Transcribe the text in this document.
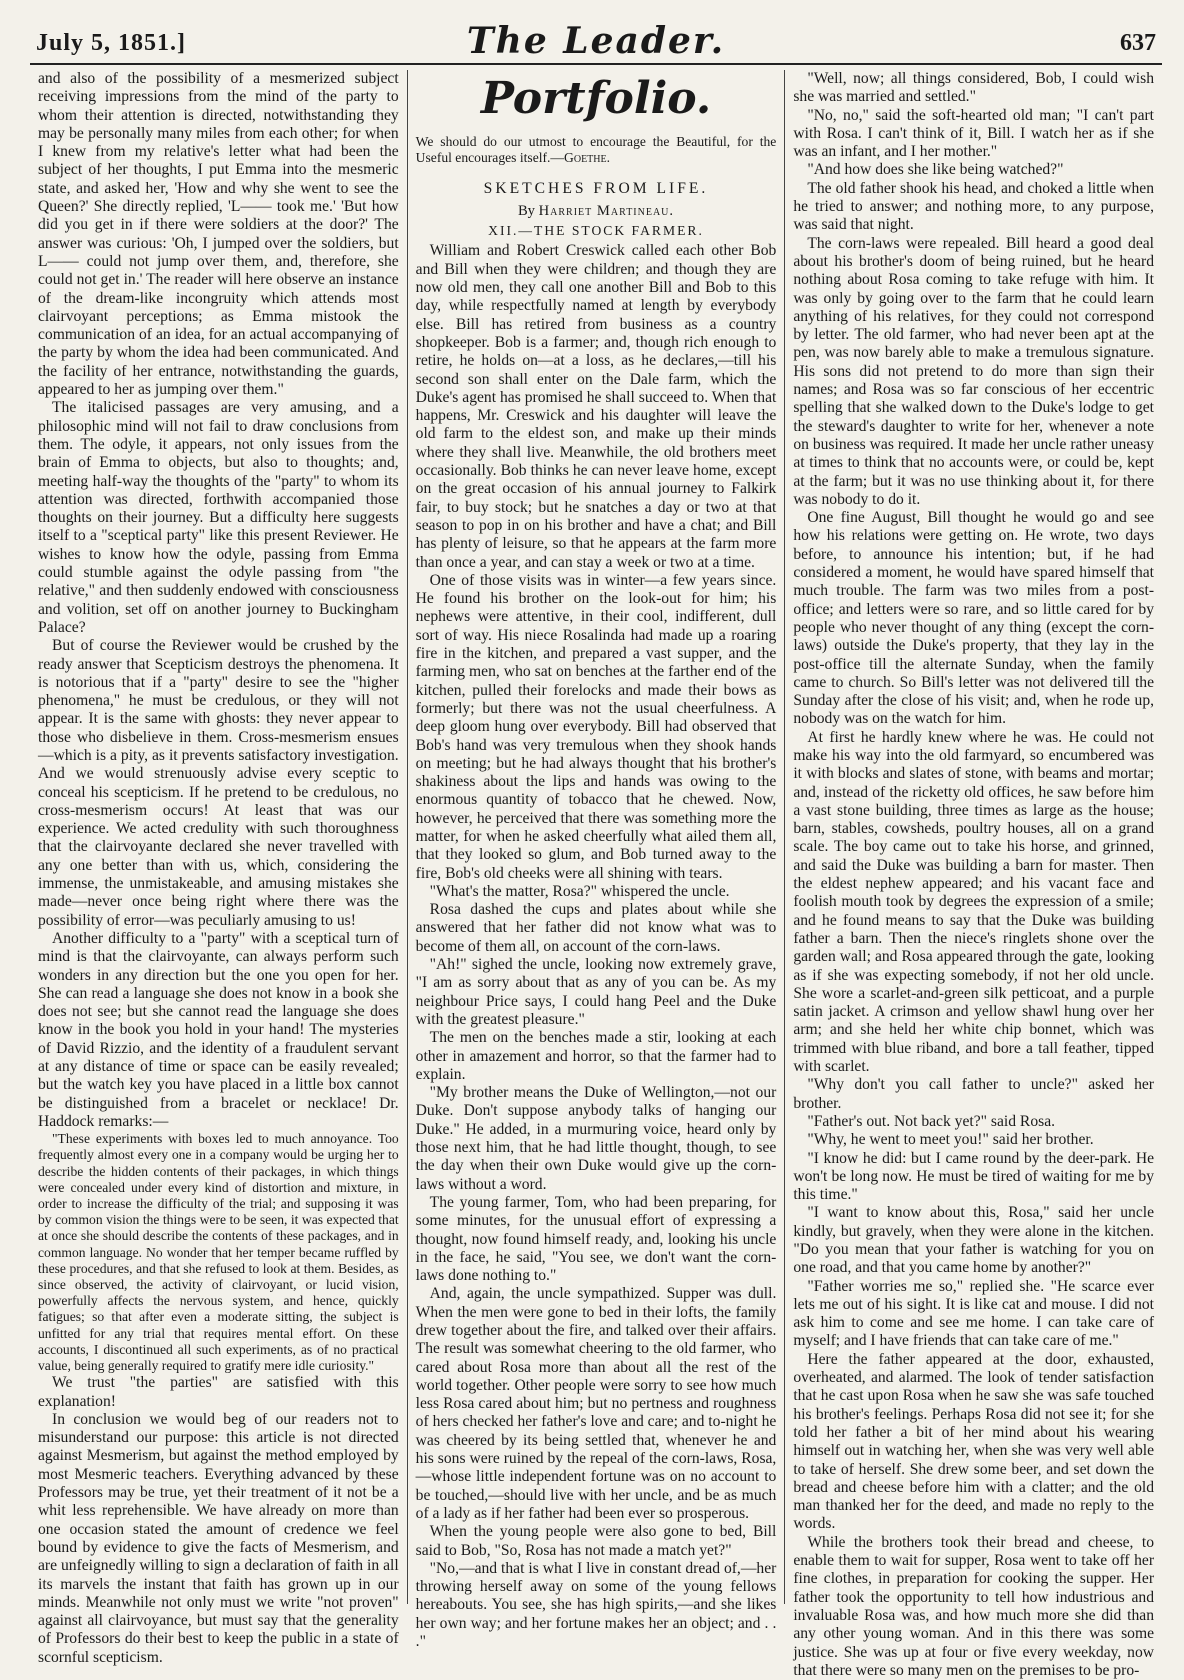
July 5, 1851.]	The Leader.	637

and also of the possibility of a mesmerized subject receiving impressions from the mind of the party to whom their attention is directed, notwithstanding they may be personally many miles from each other; for when I knew from my relative's letter what had been the subject of her thoughts, I put Emma into the mesmeric state, and asked her, 'How and why she went to see the Queen?' She directly replied, 'L—— took me.' 'But how did you get in if there were soldiers at the door?' The answer was curious: 'Oh, I jumped over the soldiers, but L—— could not jump over them, and, therefore, she could not get in.' The reader will here observe an instance of the dream-like incongruity which attends most clairvoyant perceptions; as Emma mistook the communication of an idea, for an actual accompanying of the party by whom the idea had been communicated. And the facility of her entrance, notwithstanding the guards, appeared to her as jumping over them."

The italicised passages are very amusing, and a philosophic mind will not fail to draw conclusions from them. The odyle, it appears, not only issues from the brain of Emma to objects, but also to thoughts; and, meeting half-way the thoughts of the "party" to whom its attention was directed, forthwith accompanied those thoughts on their journey. But a difficulty here suggests itself to a "sceptical party" like this present Reviewer. He wishes to know how the odyle, passing from Emma could stumble against the odyle passing from "the relative," and then suddenly endowed with consciousness and volition, set off on another journey to Buckingham Palace?

But of course the Reviewer would be crushed by the ready answer that Scepticism destroys the phenomena. It is notorious that if a "party" desire to see the "higher phenomena," he must be credulous, or they will not appear. It is the same with ghosts: they never appear to those who disbelieve in them. Cross-mesmerism ensues—which is a pity, as it prevents satisfactory investigation. And we would strenuously advise every sceptic to conceal his scepticism. If he pretend to be credulous, no cross-mesmerism occurs! At least that was our experience. We acted credulity with such thoroughness that the clairvoyante declared she never travelled with any one better than with us, which, considering the immense, the unmistakeable, and amusing mistakes she made—never once being right where there was the possibility of error—was peculiarly amusing to us!

Another difficulty to a "party" with a sceptical turn of mind is that the clairvoyante, can always perform such wonders in any direction but the one you open for her. She can read a language she does not know in a book she does not see; but she cannot read the language she does know in the book you hold in your hand! The mysteries of David Rizzio, and the identity of a fraudulent servant at any distance of time or space can be easily revealed; but the watch key you have placed in a little box cannot be distinguished from a bracelet or necklace! Dr. Haddock remarks:—

"These experiments with boxes led to much annoyance. Too frequently almost every one in a company would be urging her to describe the hidden contents of their packages, in which things were concealed under every kind of distortion and mixture, in order to increase the difficulty of the trial; and supposing it was by common vision the things were to be seen, it was expected that at once she should describe the contents of these packages, and in common language. No wonder that her temper became ruffled by these procedures, and that she refused to look at them. Besides, as since observed, the activity of clairvoyant, or lucid vision, powerfully affects the nervous system, and hence, quickly fatigues; so that after even a moderate sitting, the subject is unfitted for any trial that requires mental effort. On these accounts, I discontinued all such experiments, as of no practical value, being generally required to gratify mere idle curiosity."

We trust "the parties" are satisfied with this explanation!

In conclusion we would beg of our readers not to misunderstand our purpose: this article is not directed against Mesmerism, but against the method employed by most Mesmeric teachers. Everything advanced by these Professors may be true, yet their treatment of it not be a whit less reprehensible. We have already on more than one occasion stated the amount of credence we feel bound by evidence to give the facts of Mesmerism, and are unfeignedly willing to sign a declaration of faith in all its marvels the instant that faith has grown up in our minds. Meanwhile not only must we write "not proven" against all clairvoyance, but must say that the generality of Professors do their best to keep the public in a state of scornful scepticism.

Portfolio.

We should do our utmost to encourage the Beautiful, for the Useful encourages itself.—Goethe.

SKETCHES FROM LIFE.
By Harriet Martineau.
XII.—THE STOCK FARMER.

William and Robert Creswick called each other Bob and Bill when they were children; and though they are now old men, they call one another Bill and Bob to this day, while respectfully named at length by everybody else. Bill has retired from business as a country shopkeeper. Bob is a farmer; and, though rich enough to retire, he holds on—at a loss, as he declares,—till his second son shall enter on the Dale farm, which the Duke's agent has promised he shall succeed to. When that happens, Mr. Creswick and his daughter will leave the old farm to the eldest son, and make up their minds where they shall live. Meanwhile, the old brothers meet occasionally. Bob thinks he can never leave home, except on the great occasion of his annual journey to Falkirk fair, to buy stock; but he snatches a day or two at that season to pop in on his brother and have a chat; and Bill has plenty of leisure, so that he appears at the farm more than once a year, and can stay a week or two at a time.

One of those visits was in winter—a few years since. He found his brother on the look-out for him; his nephews were attentive, in their cool, indifferent, dull sort of way. His niece Rosalinda had made up a roaring fire in the kitchen, and prepared a vast supper, and the farming men, who sat on benches at the farther end of the kitchen, pulled their forelocks and made their bows as formerly; but there was not the usual cheerfulness. A deep gloom hung over everybody. Bill had observed that Bob's hand was very tremulous when they shook hands on meeting; but he had always thought that his brother's shakiness about the lips and hands was owing to the enormous quantity of tobacco that he chewed. Now, however, he perceived that there was something more the matter, for when he asked cheerfully what ailed them all, that they looked so glum, and Bob turned away to the fire, Bob's old cheeks were all shining with tears.

"What's the matter, Rosa?" whispered the uncle.

Rosa dashed the cups and plates about while she answered that her father did not know what was to become of them all, on account of the corn-laws.

"Ah!" sighed the uncle, looking now extremely grave, "I am as sorry about that as any of you can be. As my neighbour Price says, I could hang Peel and the Duke with the greatest pleasure."

The men on the benches made a stir, looking at each other in amazement and horror, so that the farmer had to explain.

"My brother means the Duke of Wellington,—not our Duke. Don't suppose anybody talks of hanging our Duke." He added, in a murmuring voice, heard only by those next him, that he had little thought, though, to see the day when their own Duke would give up the corn-laws without a word.

The young farmer, Tom, who had been preparing, for some minutes, for the unusual effort of expressing a thought, now found himself ready, and, looking his uncle in the face, he said, "You see, we don't want the corn-laws done nothing to."

And, again, the uncle sympathized. Supper was dull. When the men were gone to bed in their lofts, the family drew together about the fire, and talked over their affairs. The result was somewhat cheering to the old farmer, who cared about Rosa more than about all the rest of the world together. Other people were sorry to see how much less Rosa cared about him; but no pertness and roughness of hers checked her father's love and care; and to-night he was cheered by its being settled that, whenever he and his sons were ruined by the repeal of the corn-laws, Rosa,—whose little independent fortune was on no account to be touched,—should live with her uncle, and be as much of a lady as if her father had been ever so prosperous.

When the young people were also gone to bed, Bill said to Bob, "So, Rosa has not made a match yet?"

"No,—and that is what I live in constant dread of,—her throwing herself away on some of the young fellows hereabouts. You see, she has high spirits,—and she likes her own way; and her fortune makes her an object; and . . ."

"Well, now; all things considered, Bob, I could wish she was married and settled."

"No, no," said the soft-hearted old man; "I can't part with Rosa. I can't think of it, Bill. I watch her as if she was an infant, and I her mother."

"And how does she like being watched?"

The old father shook his head, and choked a little when he tried to answer; and nothing more, to any purpose, was said that night.

The corn-laws were repealed. Bill heard a good deal about his brother's doom of being ruined, but he heard nothing about Rosa coming to take refuge with him. It was only by going over to the farm that he could learn anything of his relatives, for they could not correspond by letter. The old farmer, who had never been apt at the pen, was now barely able to make a tremulous signature. His sons did not pretend to do more than sign their names; and Rosa was so far conscious of her eccentric spelling that she walked down to the Duke's lodge to get the steward's daughter to write for her, whenever a note on business was required. It made her uncle rather uneasy at times to think that no accounts were, or could be, kept at the farm; but it was no use thinking about it, for there was nobody to do it.

One fine August, Bill thought he would go and see how his relations were getting on. He wrote, two days before, to announce his intention; but, if he had considered a moment, he would have spared himself that much trouble. The farm was two miles from a post-office; and letters were so rare, and so little cared for by people who never thought of any thing (except the corn-laws) outside the Duke's property, that they lay in the post-office till the alternate Sunday, when the family came to church. So Bill's letter was not delivered till the Sunday after the close of his visit; and, when he rode up, nobody was on the watch for him.

At first he hardly knew where he was. He could not make his way into the old farmyard, so encumbered was it with blocks and slates of stone, with beams and mortar; and, instead of the ricketty old offices, he saw before him a vast stone building, three times as large as the house; barn, stables, cowsheds, poultry houses, all on a grand scale. The boy came out to take his horse, and grinned, and said the Duke was building a barn for master. Then the eldest nephew appeared; and his vacant face and foolish mouth took by degrees the expression of a smile; and he found means to say that the Duke was building father a barn. Then the niece's ringlets shone over the garden wall; and Rosa appeared through the gate, looking as if she was expecting somebody, if not her old uncle. She wore a scarlet-and-green silk petticoat, and a purple satin jacket. A crimson and yellow shawl hung over her arm; and she held her white chip bonnet, which was trimmed with blue riband, and bore a tall feather, tipped with scarlet.

"Why don't you call father to uncle?" asked her brother.

"Father's out. Not back yet?" said Rosa.

"Why, he went to meet you!" said her brother.

"I know he did: but I came round by the deer-park. He won't be long now. He must be tired of waiting for me by this time."

"I want to know about this, Rosa," said her uncle kindly, but gravely, when they were alone in the kitchen. "Do you mean that your father is watching for you on one road, and that you came home by another?"

"Father worries me so," replied she. "He scarce ever lets me out of his sight. It is like cat and mouse. I did not ask him to come and see me home. I can take care of myself; and I have friends that can take care of me."

Here the father appeared at the door, exhausted, overheated, and alarmed. The look of tender satisfaction that he cast upon Rosa when he saw she was safe touched his brother's feelings. Perhaps Rosa did not see it; for she told her father a bit of her mind about his wearing himself out in watching her, when she was very well able to take of herself. She drew some beer, and set down the bread and cheese before him with a clatter; and the old man thanked her for the deed, and made no reply to the words.

While the brothers took their bread and cheese, to enable them to wait for supper, Rosa went to take off her fine clothes, in preparation for cooking the supper. Her father took the opportunity to tell how industrious and invaluable Rosa was, and how much more she did than any other young woman. And in this there was some justice. She was up at four or five every weekday, now that there were so many men on the premises to be pro-
